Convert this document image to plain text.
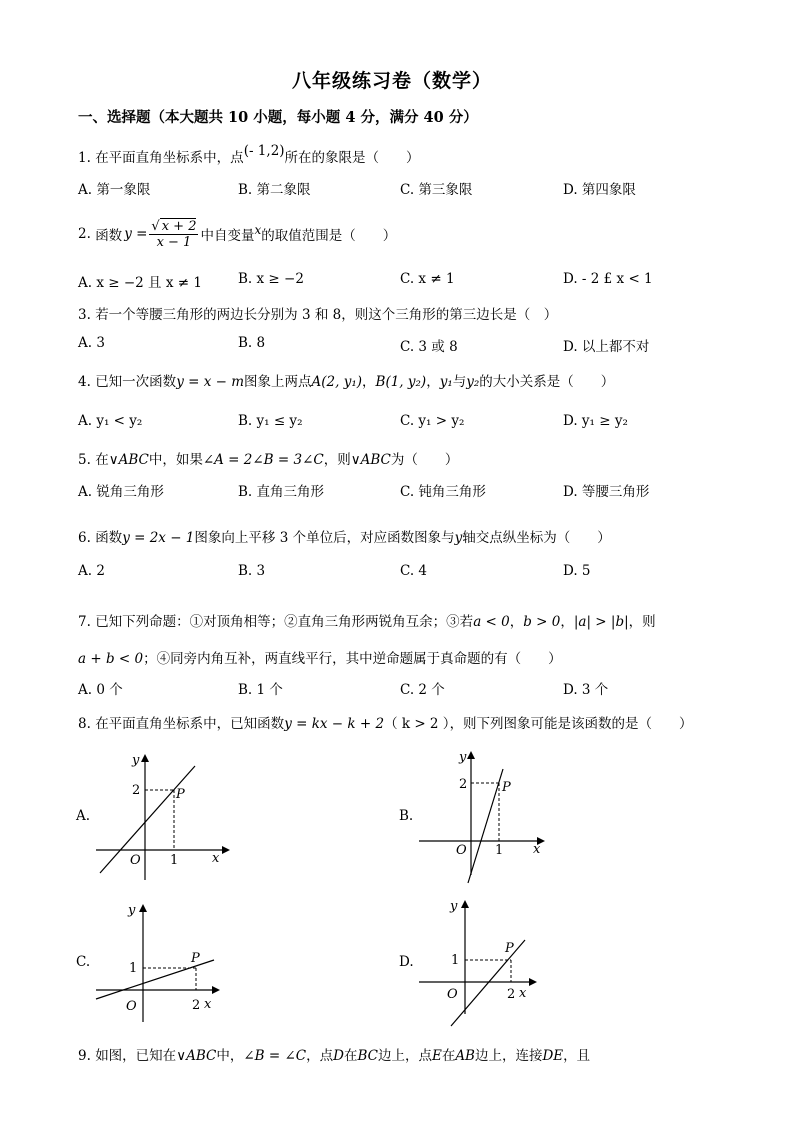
八年级练习卷（数学）
一、选择题（本大题共 10 小题，每小题 4 分，满分 40 分）
1. 在平面直角坐标系中，点(- 1,2)所在的象限是（　　）
A. 第一象限	B. 第二象限	C. 第三象限	D. 第四象限
2.
函数 $y = \frac{√ x + 2}{x - 1}$ 中自变量 x 的取值范围是（　　）
A. x ≥ −2 且 x ≠ 1	B. x ≥ −2	C. x ≠ 1	D. - 2 £ x < 1
3. 若一个等腰三角形的两边长分别为 3 和 8，则这个三角形的第三边长是（　）
A. 3	B. 8	C. 3 或 8	D. 以上都不对
4. 已知一次函数y = x − m图象上两点A(2, y₁)，B(1, y₂)，y₁与y₂的大小关系是（　　）
A. y₁ < y₂	B. y₁ ≤ y₂	C. y₁ > y₂	D. y₁ ≥ y₂
5. 在∨ABC中，如果∠A = 2∠B = 3∠C，则∨ABC为（　　）
A. 锐角三角形	B. 直角三角形	C. 钝角三角形	D. 等腰三角形
6. 函数y = 2x − 1图象向上平移 3 个单位后，对应函数图象与y轴交点纵坐标为（　　）
A. 2	B. 3	C. 4	D. 5
7. 已知下列命题：①对顶角相等；②直角三角形两锐角互余；③若a < 0，b > 0，|a| > |b|，则
a + b < 0；④同旁内角互补，两直线平行，其中逆命题属于真命题的有（　　）
A. 0 个	B. 1 个	C. 2 个	D. 3 个
8. 在平面直角坐标系中，已知函数y = kx − k + 2（ k > 2 ），则下列图象可能是该函数的是（　　）
A.	B.
C.	D.
y
x
O
P
2
1
y
x
O
P
2
1
y
x
O
P
1
2
y
x
O
P
1
2
9. 如图，已知在∨ABC中，∠B = ∠C，点D在BC边上，点E在AB边上，连接DE，且
